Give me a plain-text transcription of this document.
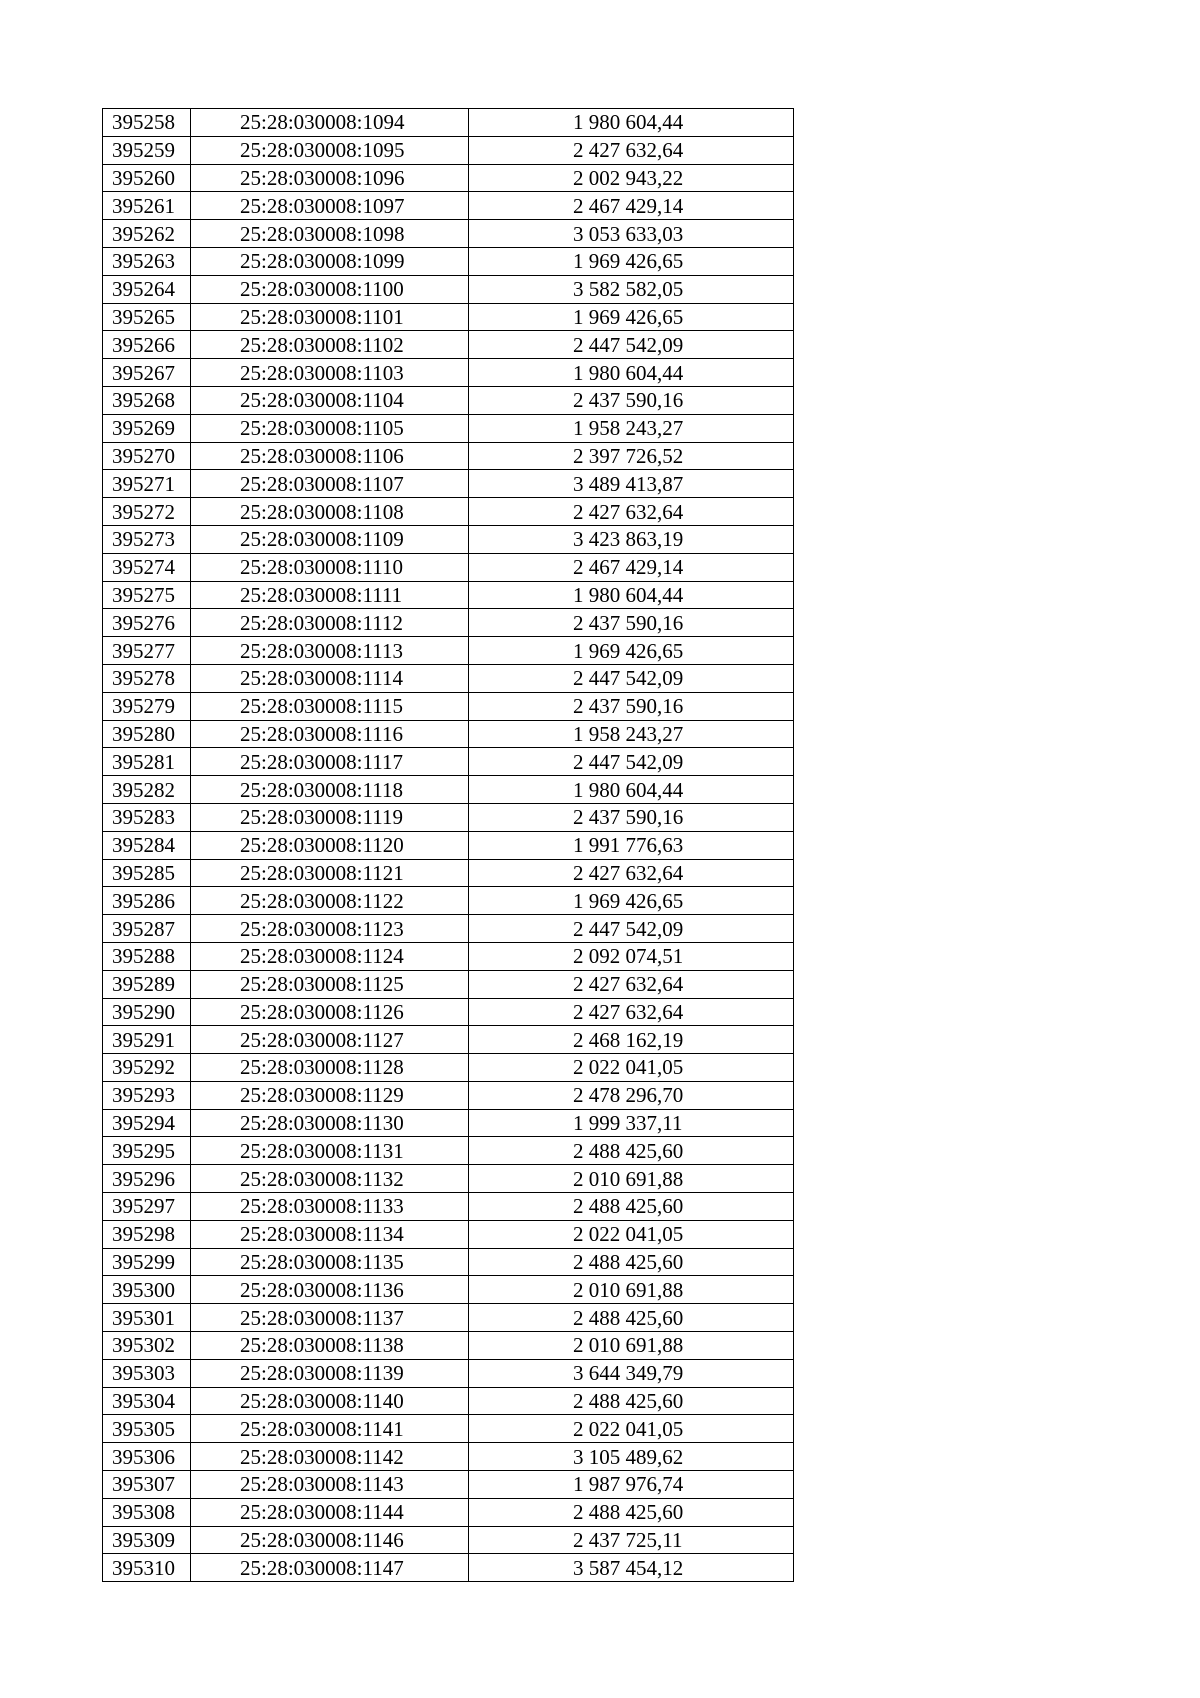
395258	25:28:030008:1094	1 980 604,44
395259	25:28:030008:1095	2 427 632,64
395260	25:28:030008:1096	2 002 943,22
395261	25:28:030008:1097	2 467 429,14
395262	25:28:030008:1098	3 053 633,03
395263	25:28:030008:1099	1 969 426,65
395264	25:28:030008:1100	3 582 582,05
395265	25:28:030008:1101	1 969 426,65
395266	25:28:030008:1102	2 447 542,09
395267	25:28:030008:1103	1 980 604,44
395268	25:28:030008:1104	2 437 590,16
395269	25:28:030008:1105	1 958 243,27
395270	25:28:030008:1106	2 397 726,52
395271	25:28:030008:1107	3 489 413,87
395272	25:28:030008:1108	2 427 632,64
395273	25:28:030008:1109	3 423 863,19
395274	25:28:030008:1110	2 467 429,14
395275	25:28:030008:1111	1 980 604,44
395276	25:28:030008:1112	2 437 590,16
395277	25:28:030008:1113	1 969 426,65
395278	25:28:030008:1114	2 447 542,09
395279	25:28:030008:1115	2 437 590,16
395280	25:28:030008:1116	1 958 243,27
395281	25:28:030008:1117	2 447 542,09
395282	25:28:030008:1118	1 980 604,44
395283	25:28:030008:1119	2 437 590,16
395284	25:28:030008:1120	1 991 776,63
395285	25:28:030008:1121	2 427 632,64
395286	25:28:030008:1122	1 969 426,65
395287	25:28:030008:1123	2 447 542,09
395288	25:28:030008:1124	2 092 074,51
395289	25:28:030008:1125	2 427 632,64
395290	25:28:030008:1126	2 427 632,64
395291	25:28:030008:1127	2 468 162,19
395292	25:28:030008:1128	2 022 041,05
395293	25:28:030008:1129	2 478 296,70
395294	25:28:030008:1130	1 999 337,11
395295	25:28:030008:1131	2 488 425,60
395296	25:28:030008:1132	2 010 691,88
395297	25:28:030008:1133	2 488 425,60
395298	25:28:030008:1134	2 022 041,05
395299	25:28:030008:1135	2 488 425,60
395300	25:28:030008:1136	2 010 691,88
395301	25:28:030008:1137	2 488 425,60
395302	25:28:030008:1138	2 010 691,88
395303	25:28:030008:1139	3 644 349,79
395304	25:28:030008:1140	2 488 425,60
395305	25:28:030008:1141	2 022 041,05
395306	25:28:030008:1142	3 105 489,62
395307	25:28:030008:1143	1 987 976,74
395308	25:28:030008:1144	2 488 425,60
395309	25:28:030008:1146	2 437 725,11
395310	25:28:030008:1147	3 587 454,12
